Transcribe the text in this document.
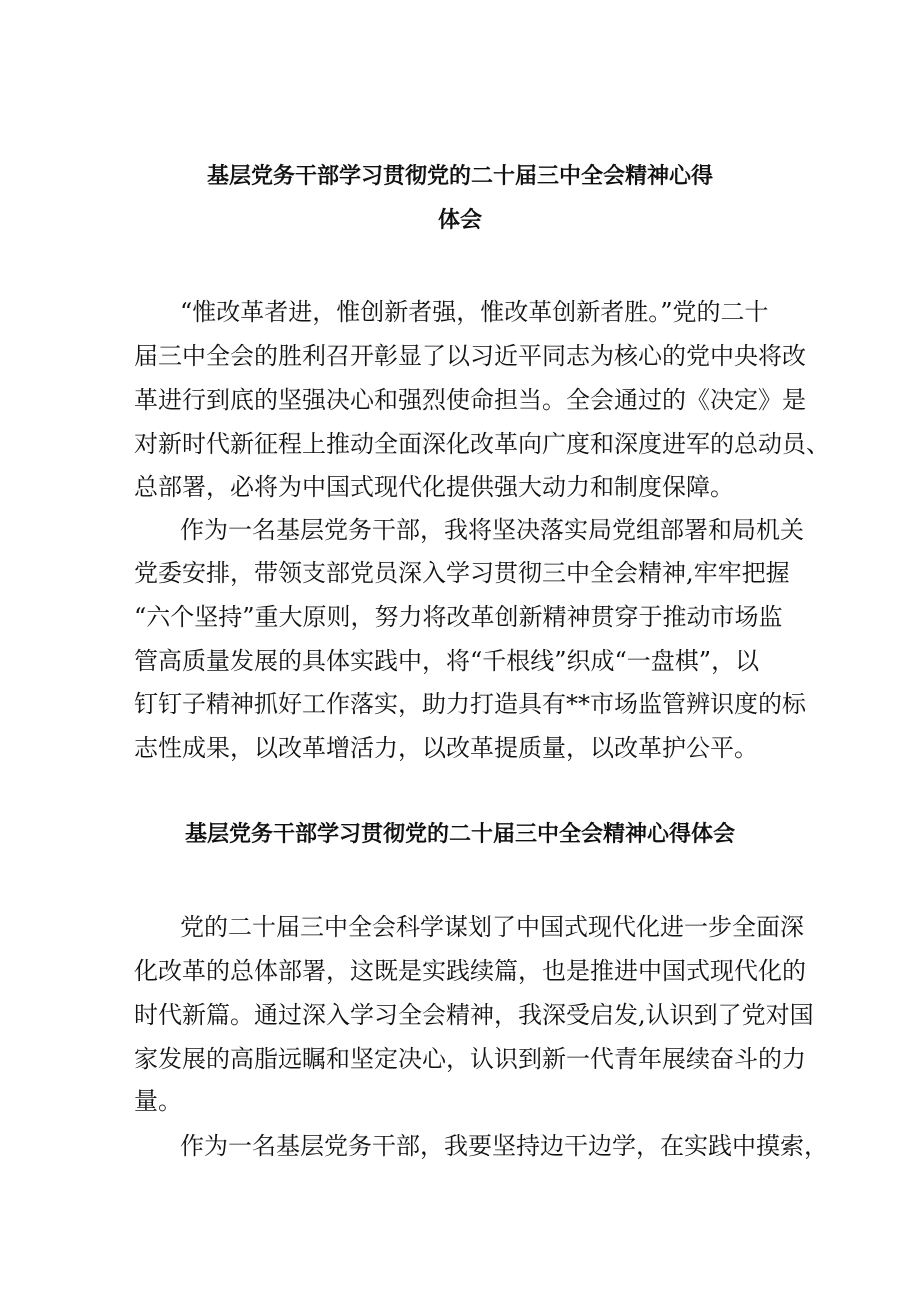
基层党务干部学习贯彻党的二十届三中全会精神心得
体会

“惟改革者进，惟创新者强，惟改革创新者胜。”党的二十

届三中全会的胜利召开彰显了以习近平同志为核心的党中央将改

革进行到底的坚强决心和强烈使命担当。全会通过的《决定》是

对新时代新征程上推动全面深化改革向广度和深度进军的总动员、

总部署，必将为中国式现代化提供强大动力和制度保障。

作为一名基层党务干部，我将坚决落实局党组部署和局机关

党委安排，带领支部党员深入学习贯彻三中全会精神,牢牢把握

“六个坚持”重大原则，努力将改革创新精神贯穿于推动市场监

管高质量发展的具体实践中，将“千根线”织成“一盘棋”，以

钉钉子精神抓好工作落实，助力打造具有**市场监管辨识度的标

志性成果，以改革增活力，以改革提质量，以改革护公平。

基层党务干部学习贯彻党的二十届三中全会精神心得体会

党的二十届三中全会科学谋划了中国式现代化进一步全面深

化改革的总体部署，这既是实践续篇，也是推进中国式现代化的

时代新篇。通过深入学习全会精神，我深受启发,认识到了党对国

家发展的高脂远瞩和坚定决心，认识到新一代青年展续奋斗的力

量。

作为一名基层党务干部，我要坚持边干边学，在实践中摸索，
